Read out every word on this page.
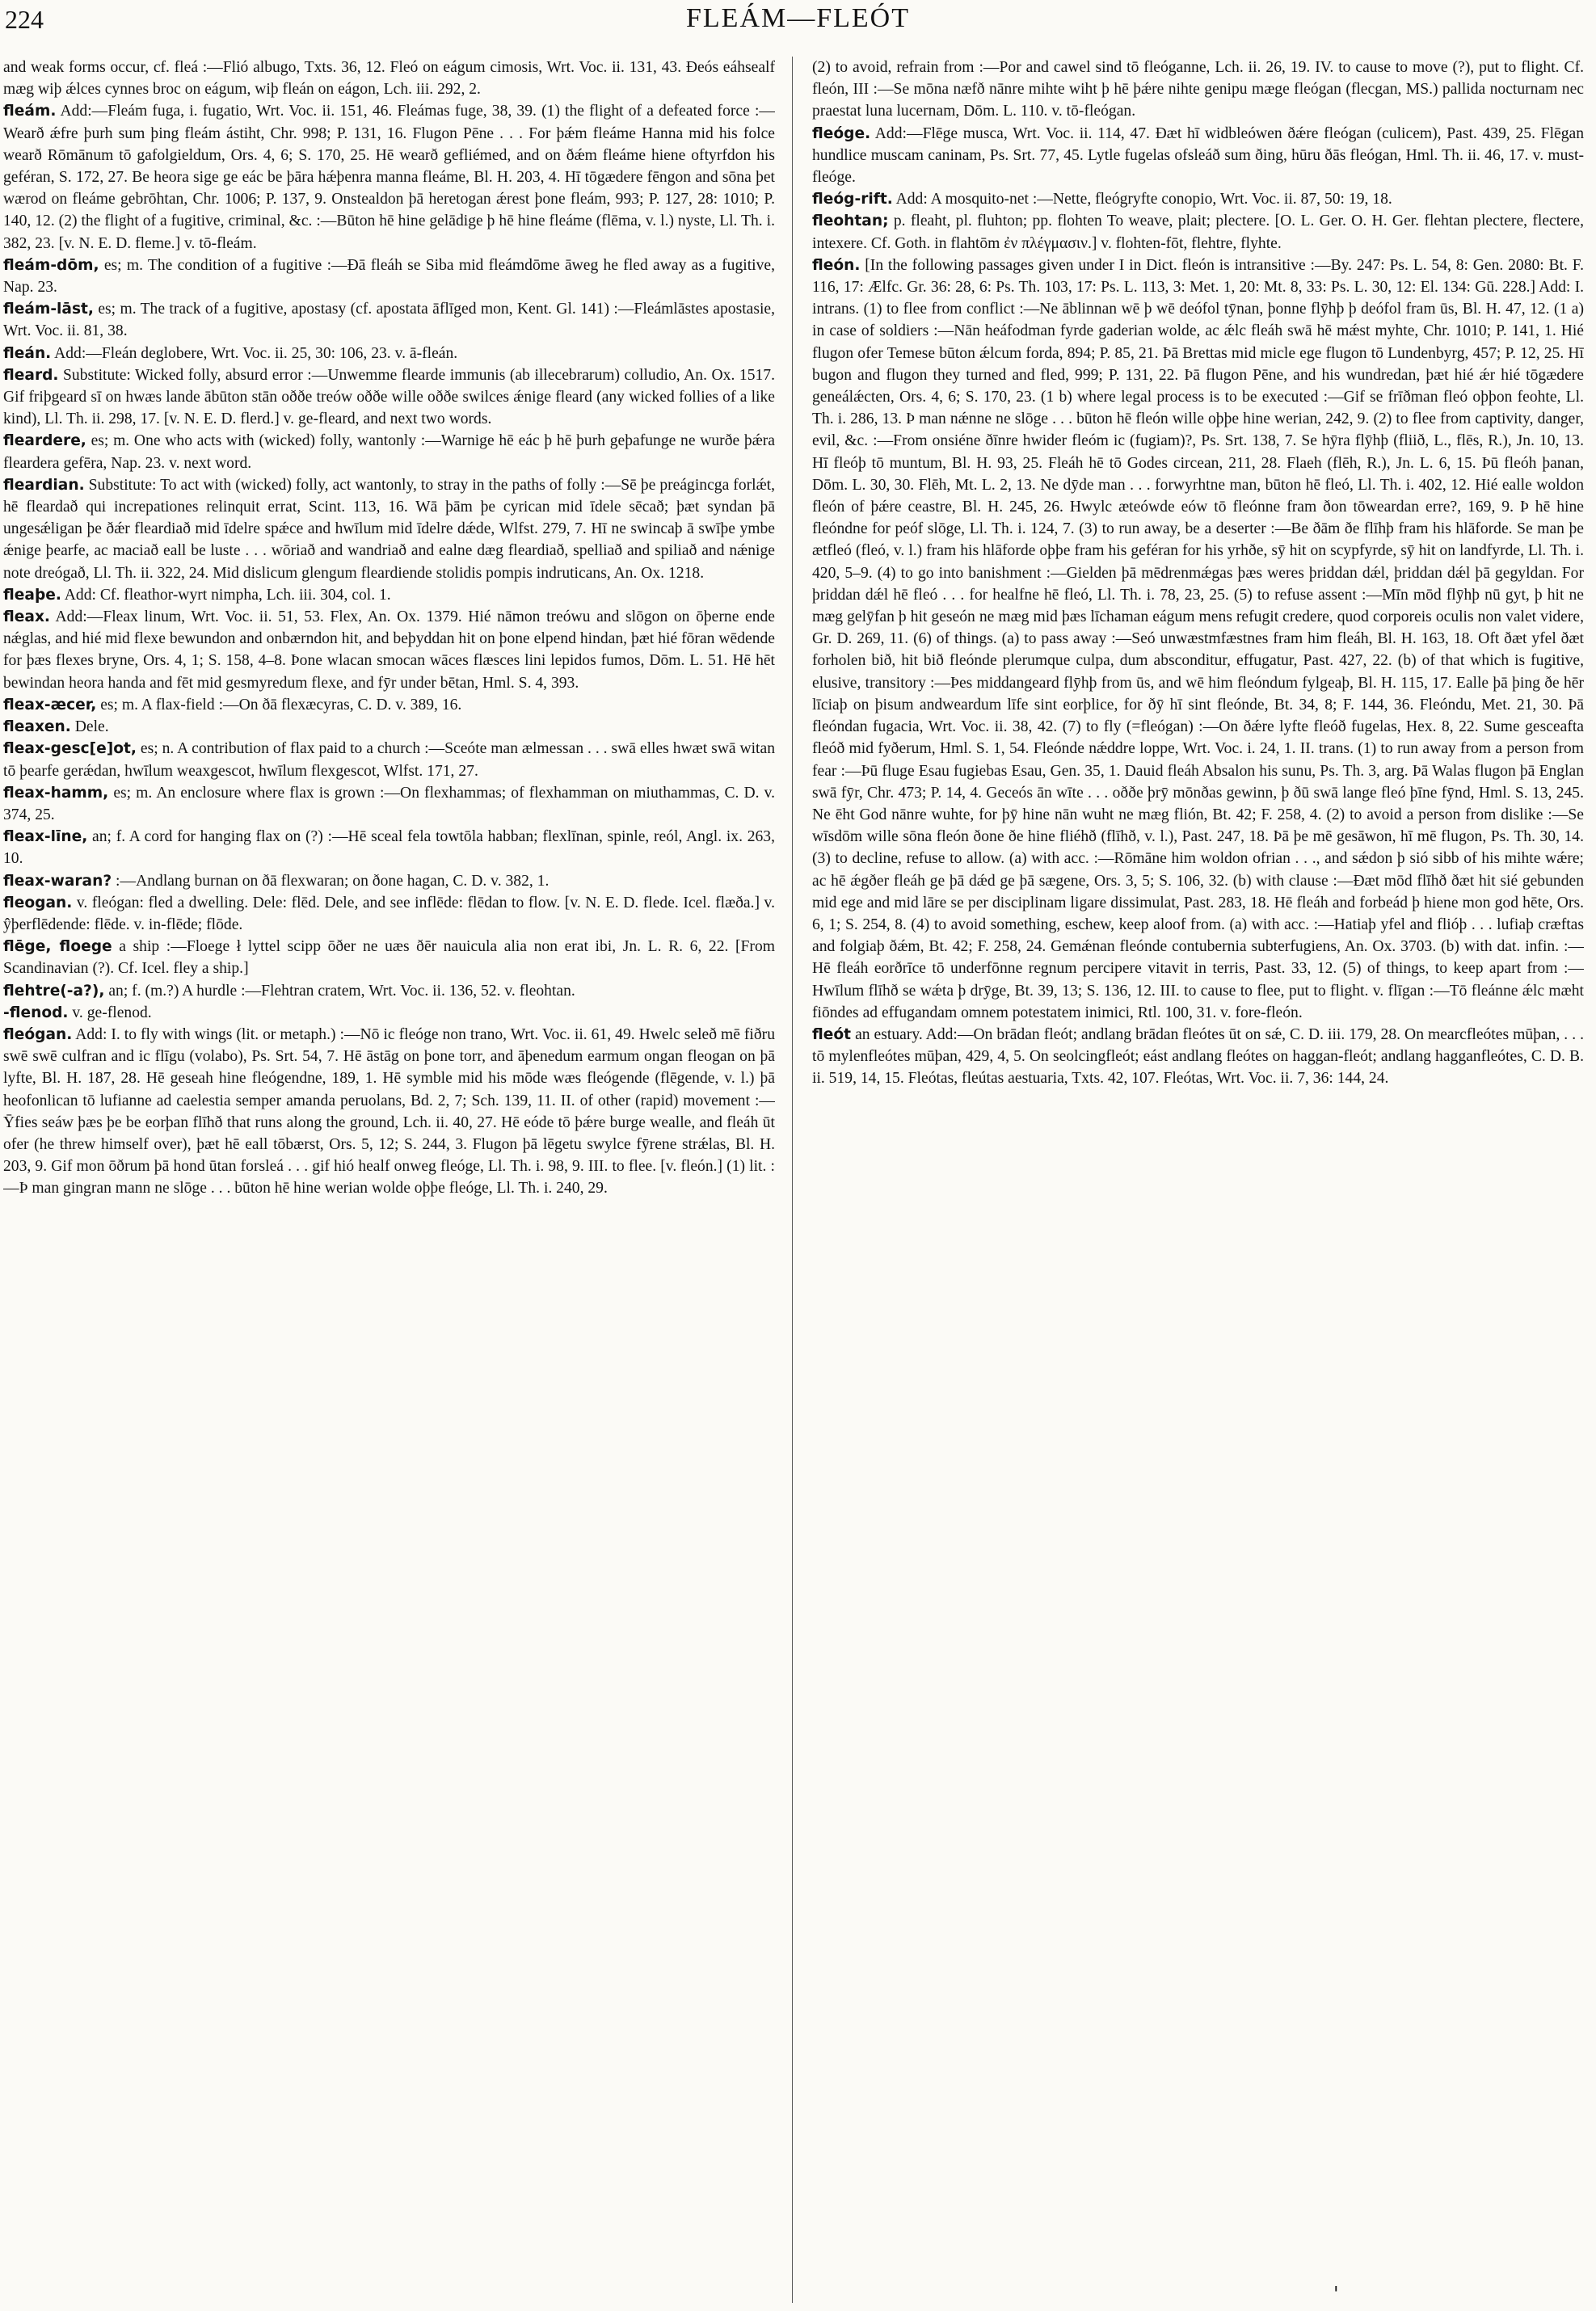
224	FLEÁM—FLEÓT

and weak forms occur, cf. fleá :—Flió albugo, Txts. 36, 12. Fleó on eágum cimosis, Wrt. Voc. ii. 131, 43. Ðeós eáhsealf mæg wiþ ǽlces cynnes broc on eágum, wiþ fleán on eágon, Lch. iii. 292, 2.

fleám. Add:—Fleám fuga, i. fugatio, Wrt. Voc. ii. 151, 46. Fleámas fuge, 38, 39. (1) the flight of a defeated force :—Wearð ǽfre þurh sum þing fleám ástiht, Chr. 998; P. 131, 16. Flugon Pēne . . . For þǽm fleáme Hanna mid his folce wearð Rōmānum tō gafolgieldum, Ors. 4, 6; S. 170, 25. Hē wearð gefliémed, and on ðǽm fleáme hiene oftyrfdon his geféran, S. 172, 27. Be heora sige ge eác be þāra hǽþenra manna fleáme, Bl. H. 203, 4. Hī tōgædere fēngon and sōna þet wærod on fleáme gebrōhtan, Chr. 1006; P. 137, 9. Onstealdon þā heretogan ǽrest þone fleám, 993; P. 127, 28: 1010; P. 140, 12. (2) the flight of a fugitive, criminal, &c. :—Būton hē hine gelādige þ hē hine fleáme (flēma, v. l.) nyste, Ll. Th. i. 382, 23. [v. N. E. D. fleme.] v. tō-fleám.

fleám-dōm, es; m. The condition of a fugitive :—Ðā fleáh se Siba mid fleámdōme āweg he fled away as a fugitive, Nap. 23.

fleám-lāst, es; m. The track of a fugitive, apostasy (cf. apostata āflīged mon, Kent. Gl. 141) :—Fleámlāstes apostasie, Wrt. Voc. ii. 81, 38.

fleán. Add:—Fleán deglobere, Wrt. Voc. ii. 25, 30: 106, 23. v. ā-fleán.

fleard. Substitute: Wicked folly, absurd error :—Unwemme flearde immunis (ab illecebrarum) colludio, An. Ox. 1517. Gif friþgeard sī on hwæs lande ābūton stān oððe treów oððe wille oððe swilces ǽnige fleard (any wicked follies of a like kind), Ll. Th. ii. 298, 17. [v. N. E. D. flerd.] v. ge-fleard, and next two words.

fleardere, es; m. One who acts with (wicked) folly, wantonly :—Warnige hē eác þ hē þurh geþafunge ne wurðe þǽra fleardera gefēra, Nap. 23. v. next word.

fleardian. Substitute: To act with (wicked) folly, act wantonly, to stray in the paths of folly :—Sē þe preágincga forlǽt, hē fleardað qui increpationes relinquit errat, Scint. 113, 16. Wā þām þe cyrican mid īdele sēcað; þæt syndan þā ungesǽligan þe ðǽr fleardiað mid īdelre spǽce and hwīlum mid īdelre dǽde, Wlfst. 279, 7. Hī ne swincaþ ā swīþe ymbe ǽnige þearfe, ac maciað eall be luste . . . wōriað and wandriað and ealne dæg fleardiað, spelliað and spiliað and nǽnige note dreógað, Ll. Th. ii. 322, 24. Mid dislicum glengum fleardiende stolidis pompis indruticans, An. Ox. 1218.

fleaþe. Add: Cf. fleathor-wyrt nimpha, Lch. iii. 304, col. 1.

fleax. Add:—Fleax linum, Wrt. Voc. ii. 51, 53. Flex, An. Ox. 1379. Hié nāmon treówu and slōgon on ōþerne ende nǽglas, and hié mid flexe bewundon and onbærndon hit, and beþyddan hit on þone elpend hindan, þæt hié fōran wēdende for þæs flexes bryne, Ors. 4, 1; S. 158, 4–8. Þone wlacan smocan wāces flæsces lini lepidos fumos, Dōm. L. 51. Hē hēt bewindan heora handa and fēt mid gesmyredum flexe, and fȳr under bētan, Hml. S. 4, 393.

fleax-æcer, es; m. A flax-field :—On ðā flexæcyras, C. D. v. 389, 16.

fleaxen. Dele.

fleax-gesc[e]ot, es; n. A contribution of flax paid to a church :—Sceóte man ælmessan . . . swā elles hwæt swā witan tō þearfe gerǽdan, hwīlum weaxgescot, hwīlum flexgescot, Wlfst. 171, 27.

fleax-hamm, es; m. An enclosure where flax is grown :—On flexhammas; of flexhamman on miuthammas, C. D. v. 374, 25.

fleax-līne, an; f. A cord for hanging flax on (?) :—Hē sceal fela towtōla habban; flexlīnan, spinle, reól, Angl. ix. 263, 10.

fleax-waran? :—Andlang burnan on ðā flexwaran; on ðone hagan, C. D. v. 382, 1.

fleogan. v. fleógan: fled a dwelling. Dele: flēd. Dele, and see inflēde: flēdan to flow. [v. N. E. D. flede. Icel. flæða.] v. ŷþerflēdende: flēde. v. in-flēde; flōde.

flēge, floege a ship :—Floege ł lyttel scipp ōðer ne uæs ðēr nauicula alia non erat ibi, Jn. L. R. 6, 22. [From Scandinavian (?). Cf. Icel. fley a ship.]

flehtre(-a?), an; f. (m.?) A hurdle :—Flehtran cratem, Wrt. Voc. ii. 136, 52. v. fleohtan.

-flenod. v. ge-flenod.

fleógan. Add: I. to fly with wings (lit. or metaph.) :—Nō ic fleóge non trano, Wrt. Voc. ii. 61, 49. Hwelc seleð mē fiðru swē swē culfran and ic flīgu (volabo), Ps. Srt. 54, 7. Hē āstāg on þone torr, and āþenedum earmum ongan fleogan on þā lyfte, Bl. H. 187, 28. Hē geseah hine fleógendne, 189, 1. Hē symble mid his mōde wæs fleógende (flēgende, v. l.) þā heofonlican tō lufianne ad caelestia semper amanda peruolans, Bd. 2, 7; Sch. 139, 11. II. of other (rapid) movement :—Ȳfies seáw þæs þe be eorþan flīhð that runs along the ground, Lch. ii. 40, 27. Hē eóde tō þǽre burge wealle, and fleáh ūt ofer (he threw himself over), þæt hē eall tōbærst, Ors. 5, 12; S. 244, 3. Flugon þā lēgetu swylce fȳrene strǽlas, Bl. H. 203, 9. Gif mon ōðrum þā hond ūtan forsleá . . . gif hió healf onweg fleóge, Ll. Th. i. 98, 9. III. to flee. [v. fleón.] (1) lit. :—Þ man gingran mann ne slōge . . . būton hē hine werian wolde oþþe fleóge, Ll. Th. i. 240, 29.

(2) to avoid, refrain from :—Por and cawel sind tō fleóganne, Lch. ii. 26, 19. IV. to cause to move (?), put to flight. Cf. fleón, III :—Se mōna næfð nānre mihte wiht þ hē þǽre nihte genipu mæge fleógan (flecgan, MS.) pallida nocturnam nec praestat luna lucernam, Dōm. L. 110. v. tō-fleógan.

fleóge. Add:—Flēge musca, Wrt. Voc. ii. 114, 47. Ðæt hī widbleówen ðǽre fleógan (culicem), Past. 439, 25. Flēgan hundlice muscam caninam, Ps. Srt. 77, 45. Lytle fugelas ofsleáð sum ðing, hūru ðās fleógan, Hml. Th. ii. 46, 17. v. must-fleóge.

fleóg-rift. Add: A mosquito-net :—Nette, fleógryfte conopio, Wrt. Voc. ii. 87, 50: 19, 18.

fleohtan; p. fleaht, pl. fluhton; pp. flohten To weave, plait; plectere. [O. L. Ger. O. H. Ger. flehtan plectere, flectere, intexere. Cf. Goth. in flahtōm ἐν πλέγμασιν.] v. flohten-fōt, flehtre, flyhte.

fleón. [In the following passages given under I in Dict. fleón is intransitive :—By. 247: Ps. L. 54, 8: Gen. 2080: Bt. F. 116, 17: Ælfc. Gr. 36: 28, 6: Ps. Th. 103, 17: Ps. L. 113, 3: Met. 1, 20: Mt. 8, 33: Ps. L. 30, 12: El. 134: Gū. 228.] Add: I. intrans. (1) to flee from conflict :—Ne āblinnan wē þ wē deófol tȳnan, þonne flȳhþ þ deófol fram ūs, Bl. H. 47, 12. (1 a) in case of soldiers :—Nān heáfodman fyrde gaderian wolde, ac ǽlc fleáh swā hē mǽst myhte, Chr. 1010; P. 141, 1. Hié flugon ofer Temese būton ǽlcum forda, 894; P. 85, 21. Þā Brettas mid micle ege flugon tō Lundenbyrg, 457; P. 12, 25. Hī bugon and flugon they turned and fled, 999; P. 131, 22. Þā flugon Pēne, and his wundredan, þæt hié ǽr hié tōgædere geneálǽcten, Ors. 4, 6; S. 170, 23. (1 b) where legal process is to be executed :—Gif se frīðman fleó oþþon feohte, Ll. Th. i. 286, 13. Þ man nǽnne ne slōge . . . būton hē fleón wille oþþe hine werian, 242, 9. (2) to flee from captivity, danger, evil, &c. :—From onsiéne ðīnre hwider fleóm ic (fugiam)?, Ps. Srt. 138, 7. Se hȳra flȳhþ (fliið, L., flēs, R.), Jn. 10, 13. Hī fleóþ tō muntum, Bl. H. 93, 25. Fleáh hē tō Godes circean, 211, 28. Flaeh (flēh, R.), Jn. L. 6, 15. Þū fleóh þanan, Dōm. L. 30, 30. Flēh, Mt. L. 2, 13. Ne dȳde man . . . forwyrhtne man, būton hē fleó, Ll. Th. i. 402, 12. Hié ealle woldon fleón of þǽre ceastre, Bl. H. 245, 26. Hwylc æteówde eów tō fleónne fram ðon tōweardan erre?, 169, 9. Þ hē hine fleóndne for peóf slōge, Ll. Th. i. 124, 7. (3) to run away, be a deserter :—Be ðām ðe flīhþ fram his hlāforde. Se man þe ætfleó (fleó, v. l.) fram his hlāforde oþþe fram his geféran for his yrhðe, sȳ hit on scypfyrde, sȳ hit on landfyrde, Ll. Th. i. 420, 5–9. (4) to go into banishment :—Gielden þā mēdrenmǽgas þæs weres þriddan dǽl, þriddan dǽl þā gegyldan. For þriddan dǽl hē fleó . . . for healfne hē fleó, Ll. Th. i. 78, 23, 25. (5) to refuse assent :—Mīn mōd flȳhþ nū gyt, þ hit ne mæg gelȳfan þ hit geseón ne mæg mid þæs līchaman eágum mens refugit credere, quod corporeis oculis non valet videre, Gr. D. 269, 11. (6) of things. (a) to pass away :—Seó unwæstmfæstnes fram him fleáh, Bl. H. 163, 18. Oft ðæt yfel ðæt forholen bið, hit bið fleónde plerumque culpa, dum absconditur, effugatur, Past. 427, 22. (b) of that which is fugitive, elusive, transitory :—Þes middangeard flȳhþ from ūs, and wē him fleóndum fylgeaþ, Bl. H. 115, 17. Ealle þā þing ðe hēr līciaþ on þisum andweardum līfe sint eorþlice, for ðȳ hī sint fleónde, Bt. 34, 8; F. 144, 36. Fleóndu, Met. 21, 30. Þā fleóndan fugacia, Wrt. Voc. ii. 38, 42. (7) to fly (=fleógan) :—On ðǽre lyfte fleóð fugelas, Hex. 8, 22. Sume gesceafta fleóð mid fyðerum, Hml. S. 1, 54. Fleónde nǽddre loppe, Wrt. Voc. i. 24, 1. II. trans. (1) to run away from a person from fear :—Þū fluge Esau fugiebas Esau, Gen. 35, 1. Dauid fleáh Absalon his sunu, Ps. Th. 3, arg. Þā Walas flugon þā Englan swā fȳr, Chr. 473; P. 14, 4. Geceós ān wīte . . . oððe þrȳ mōnðas gewinn, þ ðū swā lange fleó þīne fȳnd, Hml. S. 13, 245. Ne ēht God nānre wuhte, for þȳ hine nān wuht ne mæg flión, Bt. 42; F. 258, 4. (2) to avoid a person from dislike :—Se wīsdōm wille sōna fleón ðone ðe hine fliéhð (flīhð, v. l.), Past. 247, 18. Þā þe mē gesāwon, hī mē flugon, Ps. Th. 30, 14. (3) to decline, refuse to allow. (a) with acc. :—Rōmāne him woldon ofrian . . ., and sǽdon þ sió sibb of his mihte wǽre; ac hē ǽgðer fleáh ge þā dǽd ge þā sægene, Ors. 3, 5; S. 106, 32. (b) with clause :—Ðæt mōd flīhð ðæt hit sié gebunden mid ege and mid lāre se per disciplinam ligare dissimulat, Past. 283, 18. Hē fleáh and forbeád þ hiene mon god hēte, Ors. 6, 1; S. 254, 8. (4) to avoid something, eschew, keep aloof from. (a) with acc. :—Hatiaþ yfel and flióþ . . . lufiaþ cræftas and folgiaþ ðǽm, Bt. 42; F. 258, 24. Gemǽnan fleónde contubernia subterfugiens, An. Ox. 3703. (b) with dat. infin. :—Hē fleáh eorðrīce tō underfōnne regnum percipere vitavit in terris, Past. 33, 12. (5) of things, to keep apart from :—Hwīlum flīhð se wǽta þ drȳge, Bt. 39, 13; S. 136, 12. III. to cause to flee, put to flight. v. flīgan :—Tō fleánne ǽlc mæht fiōndes ad effugandam omnem potestatem inimici, Rtl. 100, 31. v. fore-fleón.

fleót an estuary. Add:—On brādan fleót; andlang brādan fleótes ūt on sǽ, C. D. iii. 179, 28. On mearcfleótes mūþan, . . . tō mylenfleótes mūþan, 429, 4, 5. On seolcingfleót; eást andlang fleótes on haggan-fleót; andlang hagganfleótes, C. D. B. ii. 519, 14, 15. Fleótas, fleútas aestuaria, Txts. 42, 107. Fleótas, Wrt. Voc. ii. 7, 36: 144, 24.

'
